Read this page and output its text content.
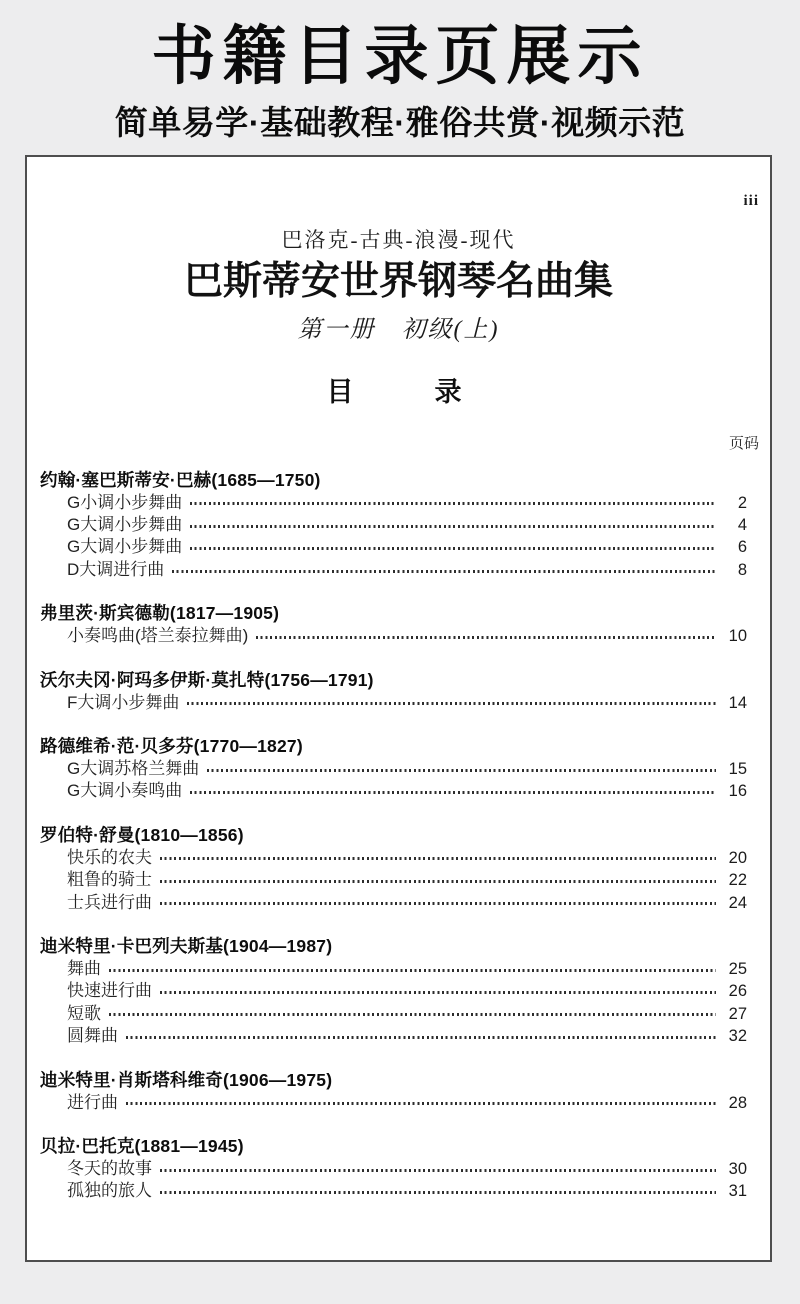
书籍目录页展示
简单易学·基础教程·雅俗共赏·视频示范
iii
巴洛克-古典-浪漫-现代
巴斯蒂安世界钢琴名曲集
第一册　初级(上)
目　　录
页码
约翰·塞巴斯蒂安·巴赫(1685—1750)
G小调小步舞曲	2
G大调小步舞曲	4
G大调小步舞曲	6
D大调进行曲	8
弗里茨·斯宾德勒(1817—1905)
小奏鸣曲(塔兰泰拉舞曲)	10
沃尔夫冈·阿玛多伊斯·莫扎特(1756—1791)
F大调小步舞曲	14
路德维希·范·贝多芬(1770—1827)
G大调苏格兰舞曲	15
G大调小奏鸣曲	16
罗伯特·舒曼(1810—1856)
快乐的农夫	20
粗鲁的骑士	22
士兵进行曲	24
迪米特里·卡巴列夫斯基(1904—1987)
舞曲	25
快速进行曲	26
短歌	27
圆舞曲	32
迪米特里·肖斯塔科维奇(1906—1975)
进行曲	28
贝拉·巴托克(1881—1945)
冬天的故事	30
孤独的旅人	31
